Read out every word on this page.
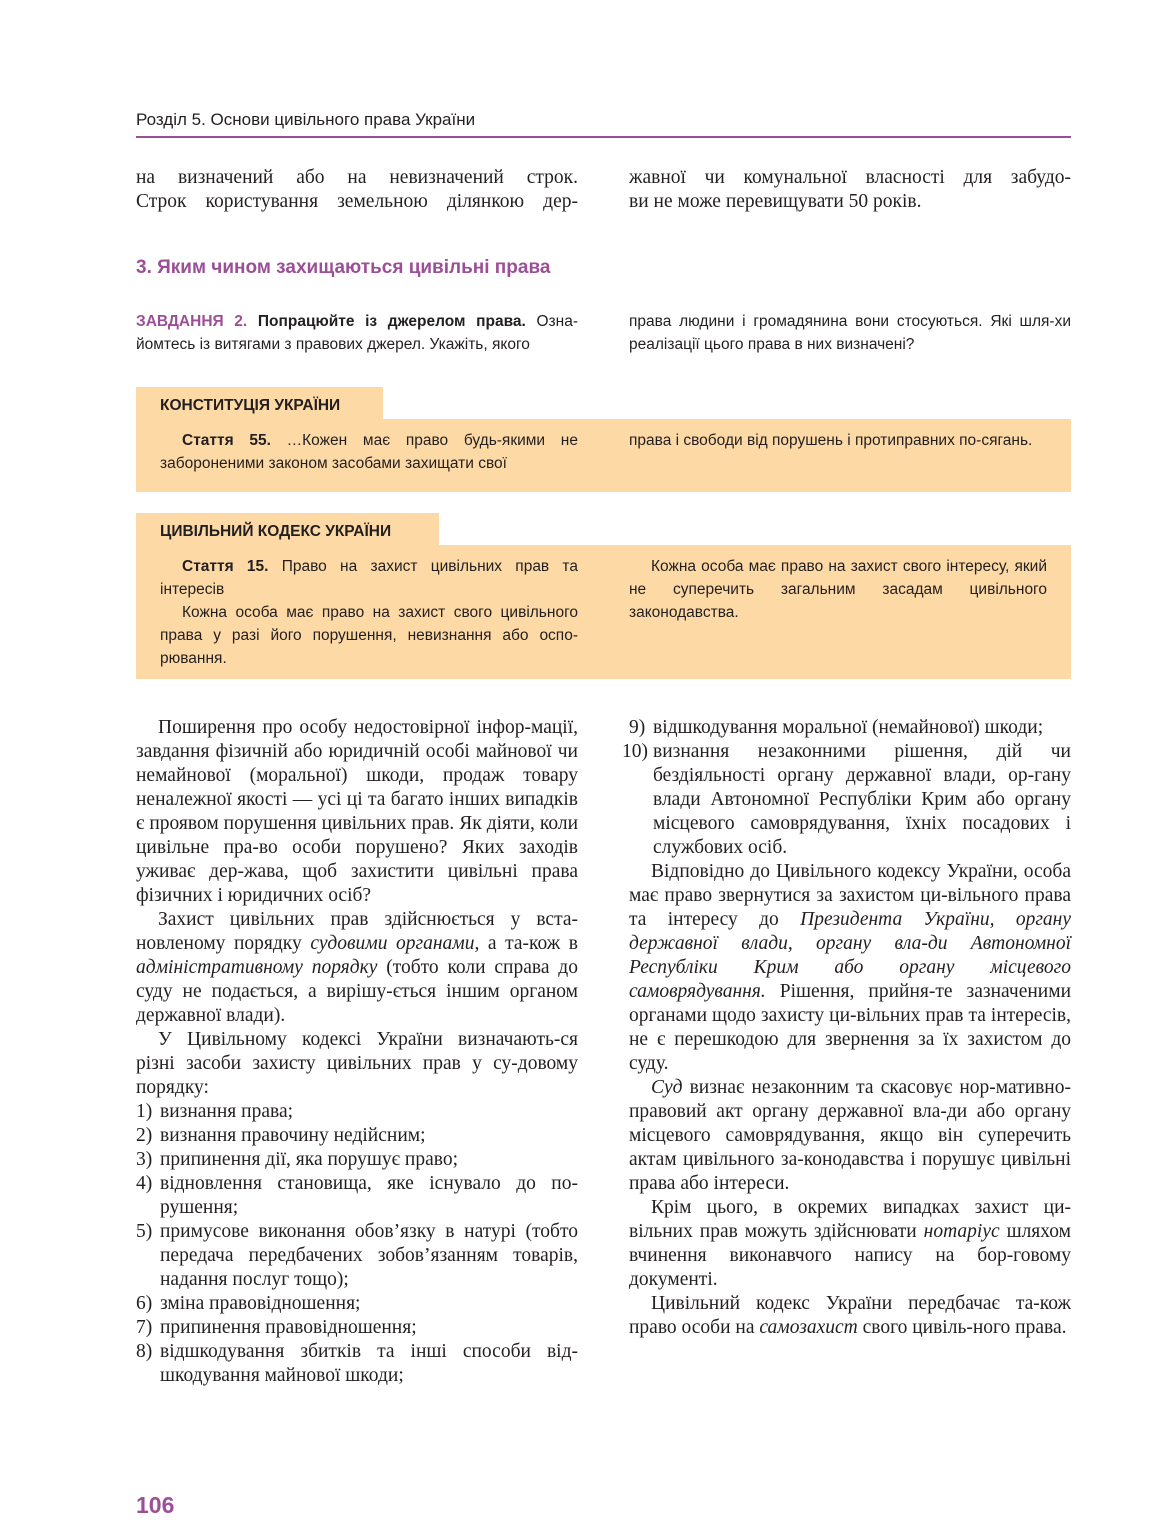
Розділ 5. Основи цивільного права України

на визначений або на невизначений строк.

Строк користування земельною ділянкою дер-

жавної чи комунальної власності для забудо-

ви не може перевищувати 50 років.

3. Яким чином захищаються цивільні права
ЗАВДАННЯ 2. Попрацюйте із джерелом права. Озна-йомтесь із витягами з правових джерел. Укажіть, якого
права людини і громадянина вони стосуються. Які шля-хи реалізації цього права в них визначені?
КОНСТИТУЦІЯ УКРАЇНИ

Стаття 55. …Кожен має право будь-якими не забороненими законом засобами захищати свої

права і свободи від порушень і протиправних по-сягань.

ЦИВІЛЬНИЙ КОДЕКС УКРАЇНИ

Стаття 15. Право на захист цивільних прав та інтересів

Кожна особа має право на захист свого цивільного права у разі його порушення, невизнання або оспо-рювання.

Кожна особа має право на захист свого інтересу, який не суперечить загальним засадам цивільного законодавства.

Поширення про особу недостовірної інфор-мації, завдання фізичній або юридичній особі майнової чи немайнової (моральної) шкоди, продаж товару неналежної якості — усі ці та багато інших випадків є проявом порушення цивільних прав. Як діяти, коли цивільне пра-во особи порушено? Яких заходів уживає дер-жава, щоб захистити цивільні права фізичних і юридичних осіб?

Захист цивільних прав здійснюється у вста-новленому порядку судовими органами, а та-кож в адміністративному порядку (тобто коли справа до суду не подається, а вирішу-ється іншим органом державної влади).

У Цивільному кодексі України визначають-ся різні засоби захисту цивільних прав у су-довому порядку:

1) визнання права;
2) визнання правочину недійсним;
3) припинення дії, яка порушує право;
4) відновлення становища, яке існувало до по-рушення;
5) примусове виконання обов’язку в натурі (тобто передача передбачених зобов’язанням товарів, надання послуг тощо);
6) зміна правовідношення;
7) припинення правовідношення;
8) відшкодування збитків та інші способи від-шкодування майнової шкоди;
9) відшкодування моральної (немайнової) шкоди;
10) визнання незаконними рішення, дій чи бездіяльності органу державної влади, ор-гану влади Автономної Республіки Крим або органу місцевого самоврядування, їхніх посадових і службових осіб.

Відповідно до Цивільного кодексу України, особа має право звернутися за захистом ци-вільного права та інтересу до Президента України, органу державної влади, органу вла-ди Автономної Республіки Крим або органу місцевого самоврядування. Рішення, прийня-те зазначеними органами щодо захисту ци-вільних прав та інтересів, не є перешкодою для звернення за їх захистом до суду.

Суд визнає незаконним та скасовує нор-мативно-правовий акт органу державної вла-ди або органу місцевого самоврядування, якщо він суперечить актам цивільного за-конодавства і порушує цивільні права або інтереси.

Крім цього, в окремих випадках захист ци-вільних прав можуть здійснювати нотаріус шляхом вчинення виконавчого напису на бор-говому документі.

Цивільний кодекс України передбачає та-кож право особи на самозахист свого цивіль-ного права.

106
